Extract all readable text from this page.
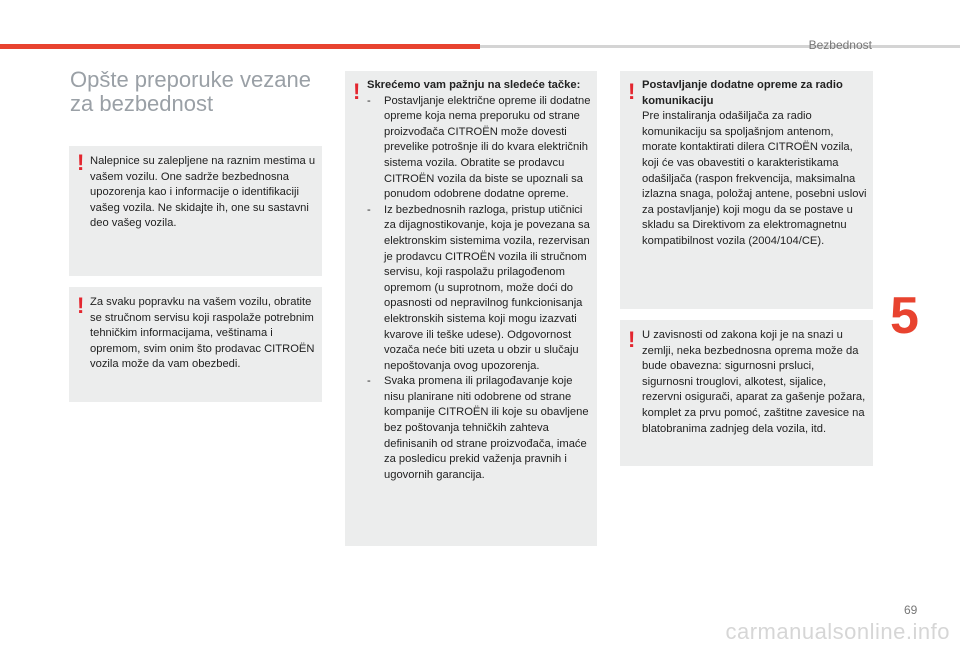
Bezbednost
5
Opšte preporuke vezane za bezbednost
! Nalepnice su zalepljene na raznim mestima u vašem vozilu. One sadrže bezbednosna upozorenja kao i informacije o identifikaciji vašeg vozila. Ne skidajte ih, one su sastavni deo vašeg vozila.
! Za svaku popravku na vašem vozilu, obratite se stručnom servisu koji raspolaže potrebnim tehničkim informacijama, veštinama i opremom, svim onim što prodavac CITROËN vozila može da vam obezbedi.
! Skrećemo vam pažnju na sledeće tačke:
- Postavljanje električne opreme ili dodatne opreme koja nema preporuku od strane proizvođača CITROËN može dovesti prevelike potrošnje ili do kvara električnih sistema vozila. Obratite se prodavcu CITROËN vozila da biste se upoznali sa ponudom odobrene dodatne opreme.
- Iz bezbednosnih razloga, pristup utičnici za dijagnostikovanje, koja je povezana sa elektronskim sistemima vozila, rezervisan je prodavcu CITROËN vozila ili stručnom servisu, koji raspolažu prilagođenom opremom (u suprotnom, može doći do opasnosti od nepravilnog funkcionisanja elektronskih sistema koji mogu izazvati kvarove ili teške udese). Odgovornost vozača neće biti uzeta u obzir u slučaju nepoštovanja ovog upozorenja.
- Svaka promena ili prilagođavanje koje nisu planirane niti odobrene od strane kompanije CITROËN ili koje su obavljene bez poštovanja tehničkih zahteva definisanih od strane proizvođača, imaće za posledicu prekid važenja pravnih i ugovornih garancija.
! Postavljanje dodatne opreme za radio komunikaciju
Pre instaliranja odašiljača za radio komunikaciju sa spoljašnjom antenom, morate kontaktirati dilera CITROËN vozila, koji će vas obavestiti o karakteristikama odašiljača (raspon frekvencija, maksimalna izlazna snaga, položaj antene, posebni uslovi za postavljanje) koji mogu da se postave u skladu sa Direktivom za elektromagnetnu kompatibilnost vozila (2004/104/CE).
! U zavisnosti od zakona koji je na snazi u zemlji, neka bezbednosna oprema može da bude obavezna: sigurnosni prsluci, sigurnosni trouglovi, alkotest, sijalice, rezervni osigurači, aparat za gašenje požara, komplet za prvu pomoć, zaštitne zavesice na blatobranima zadnjeg dela vozila, itd.
69
carmanualsonline.info
